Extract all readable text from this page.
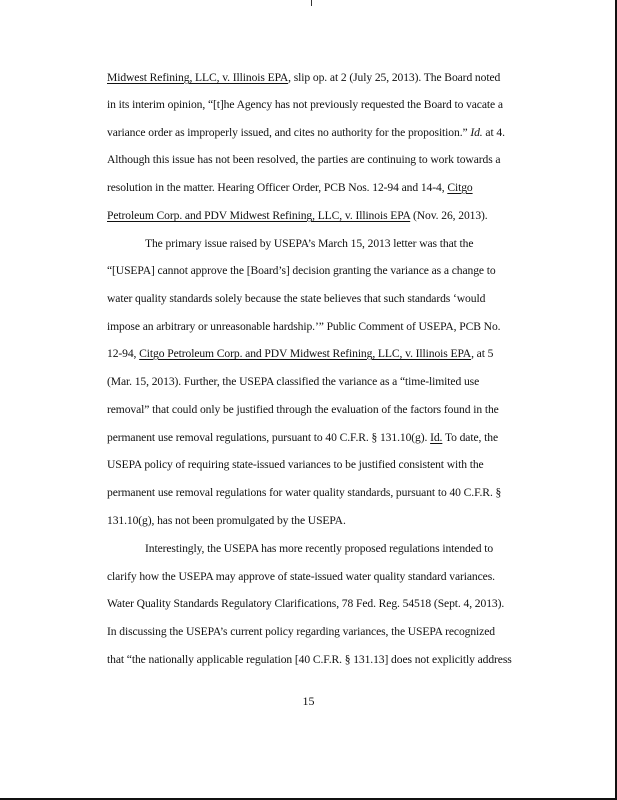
Midwest Refining, LLC, v. Illinois EPA, slip op. at 2 (July 25, 2013). The Board noted
in its interim opinion, “[t]he Agency has not previously requested the Board to vacate a
variance order as improperly issued, and cites no authority for the proposition.” Id. at 4.
Although this issue has not been resolved, the parties are continuing to work towards a
resolution in the matter. Hearing Officer Order, PCB Nos. 12-94 and 14-4, Citgo
Petroleum Corp. and PDV Midwest Refining, LLC, v. Illinois EPA (Nov. 26, 2013).
The primary issue raised by USEPA’s March 15, 2013 letter was that the
“[USEPA] cannot approve the [Board’s] decision granting the variance as a change to
water quality standards solely because the state believes that such standards ‘would
impose an arbitrary or unreasonable hardship.’” Public Comment of USEPA, PCB No.
12-94, Citgo Petroleum Corp. and PDV Midwest Refining, LLC, v. Illinois EPA, at 5
(Mar. 15, 2013). Further, the USEPA classified the variance as a “time-limited use
removal” that could only be justified through the evaluation of the factors found in the
permanent use removal regulations, pursuant to 40 C.F.R. § 131.10(g). Id. To date, the
USEPA policy of requiring state-issued variances to be justified consistent with the
permanent use removal regulations for water quality standards, pursuant to 40 C.F.R. §
131.10(g), has not been promulgated by the USEPA.
Interestingly, the USEPA has more recently proposed regulations intended to
clarify how the USEPA may approve of state-issued water quality standard variances.
Water Quality Standards Regulatory Clarifications, 78 Fed. Reg. 54518 (Sept. 4, 2013).
In discussing the USEPA’s current policy regarding variances, the USEPA recognized
that “the nationally applicable regulation [40 C.F.R. § 131.13] does not explicitly address
15
